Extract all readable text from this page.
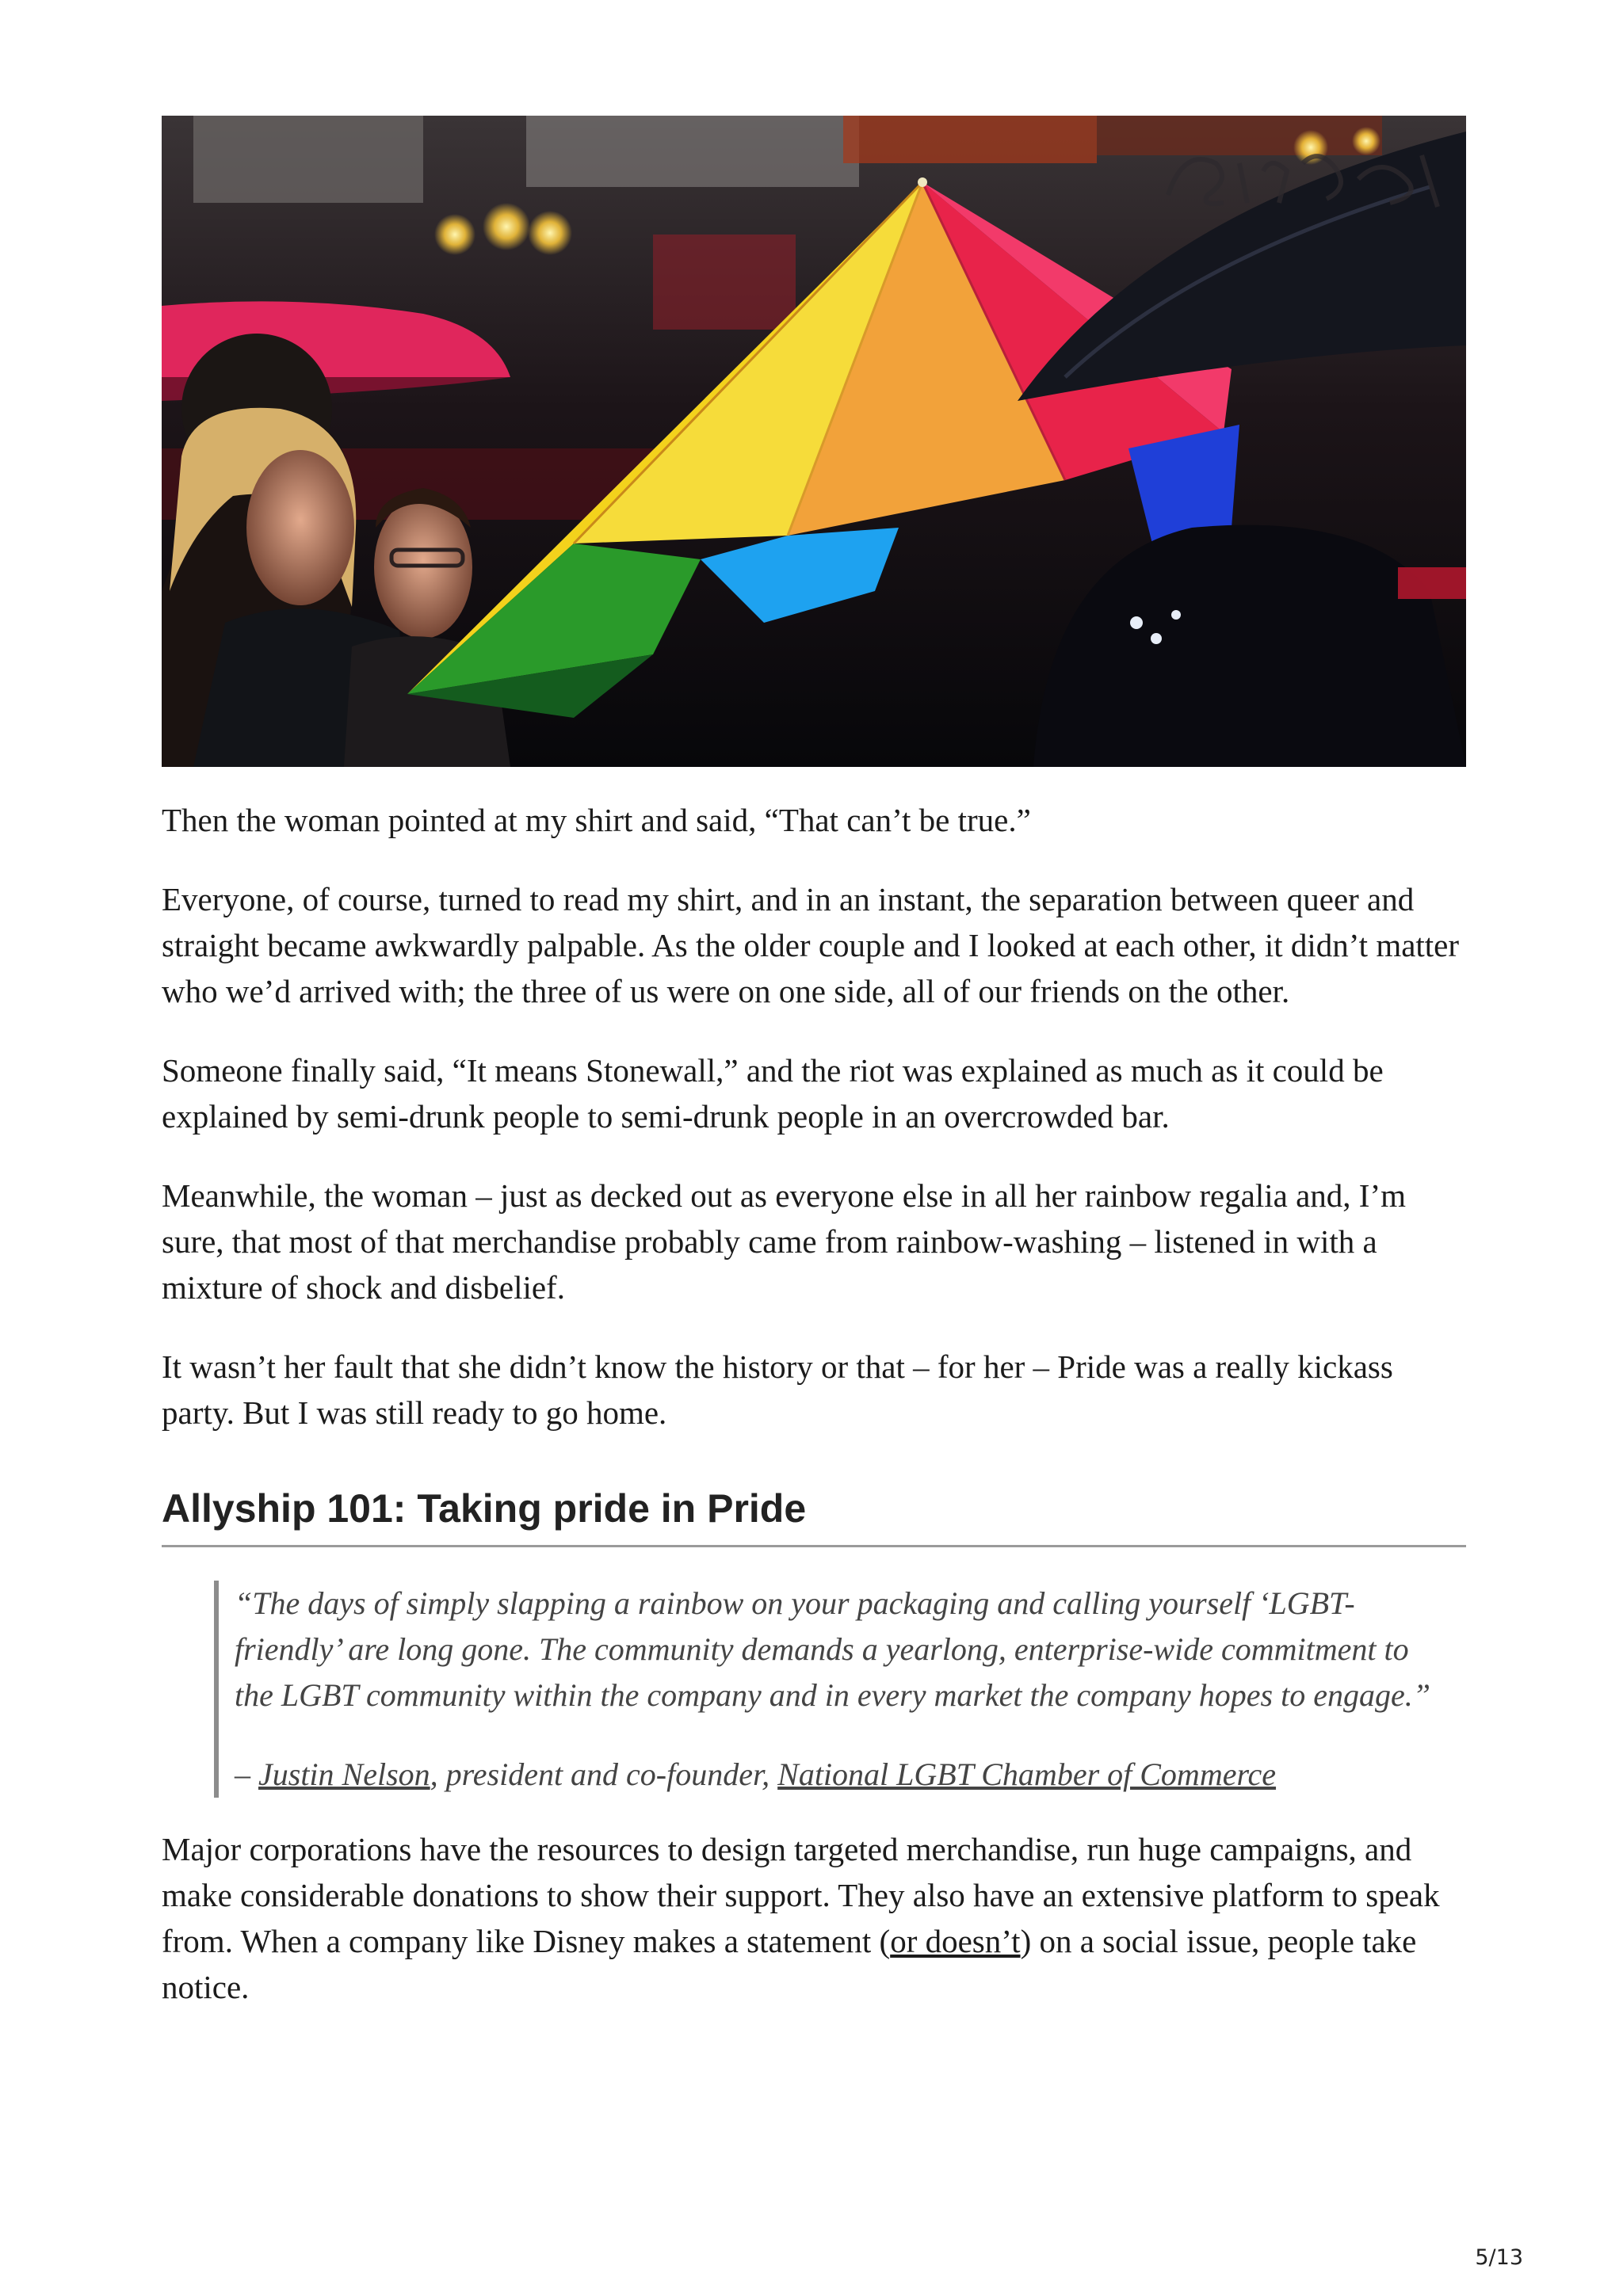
Then the woman pointed at my shirt and said, “That can’t be true.”

Everyone, of course, turned to read my shirt, and in an instant, the separation between queer and straight became awkwardly palpable. As the older couple and I looked at each other, it didn’t matter who we’d arrived with; the three of us were on one side, all of our friends on the other.

Someone finally said, “It means Stonewall,” and the riot was explained as much as it could be explained by semi-drunk people to semi-drunk people in an overcrowded bar.

Meanwhile, the woman – just as decked out as everyone else in all her rainbow regalia and, I’m sure, that most of that merchandise probably came from rainbow-washing – listened in with a mixture of shock and disbelief.

It wasn’t her fault that she didn’t know the history or that – for her – Pride was a really kickass party. But I was still ready to go home.

Allyship 101: Taking pride in Pride

“The days of simply slapping a rainbow on your packaging and calling yourself ‘LGBT-friendly’ are long gone. The community demands a yearlong, enterprise-wide commitment to the LGBT community within the company and in every market the company hopes to engage.”

– Justin Nelson, president and co-founder, National LGBT Chamber of Commerce

Major corporations have the resources to design targeted merchandise, run huge campaigns, and make considerable donations to show their support. They also have an extensive platform to speak from. When a company like Disney makes a statement (or doesn’t) on a social issue, people take notice.

5/13
